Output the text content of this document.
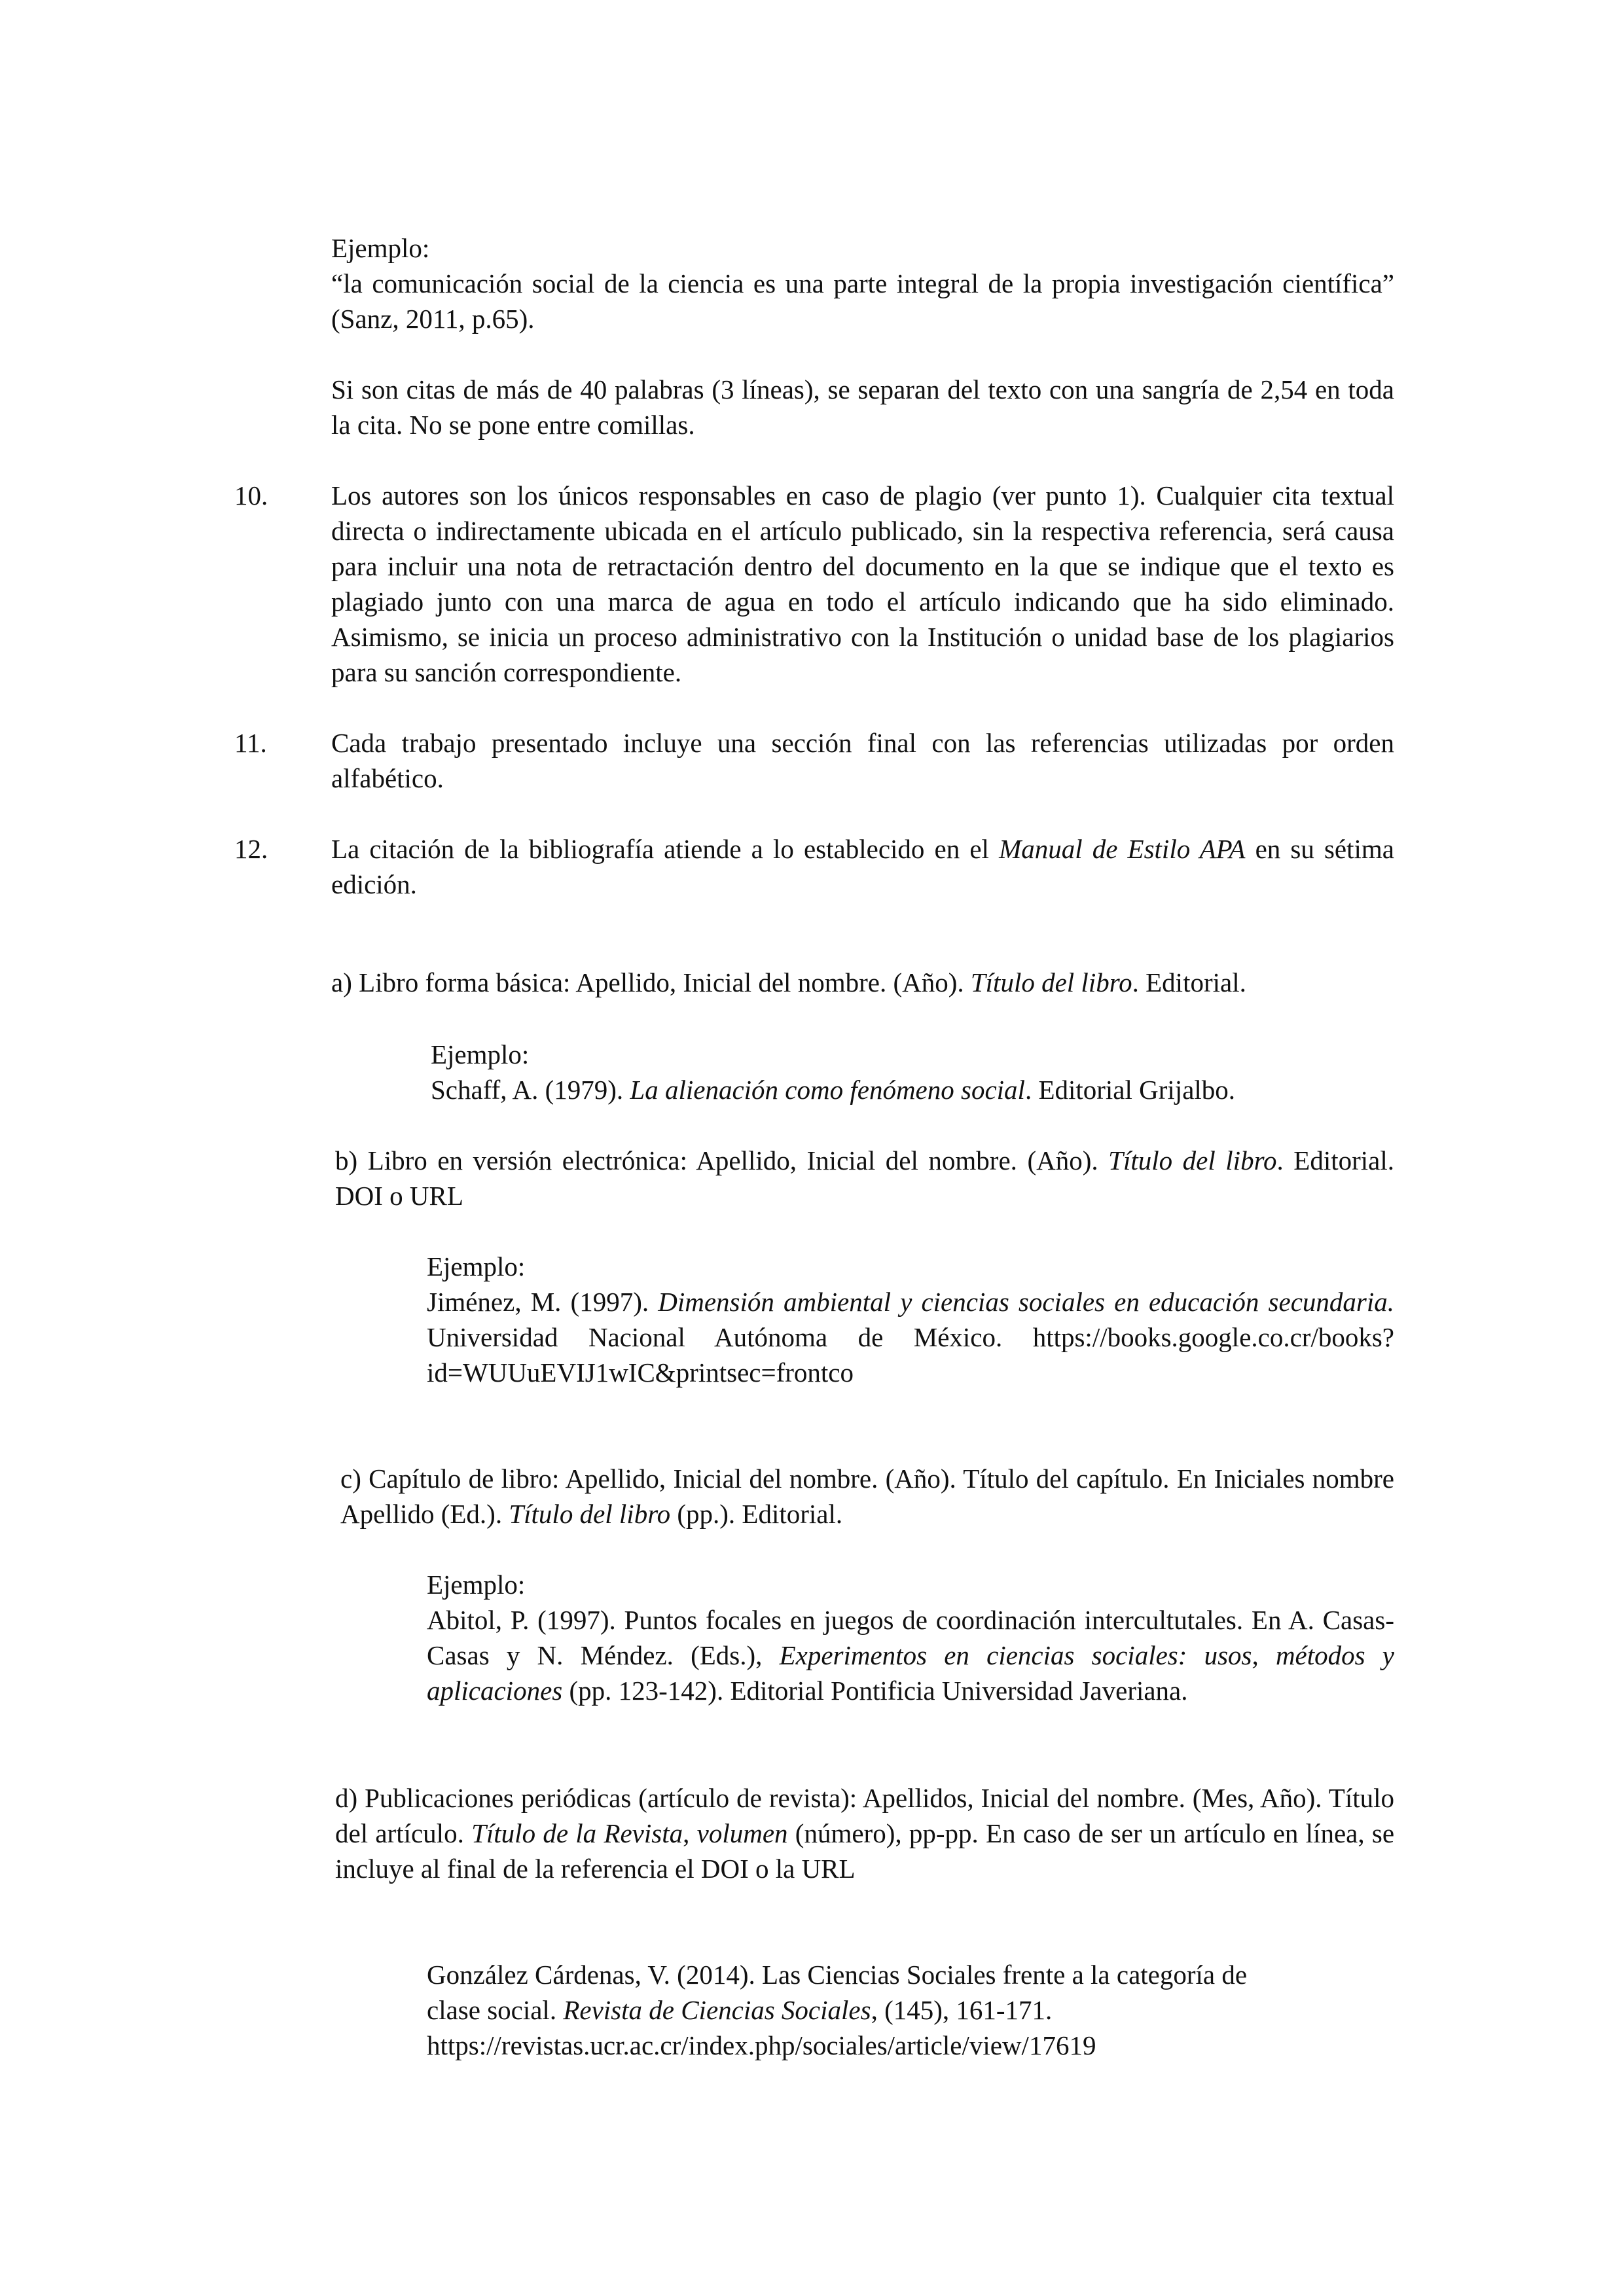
Ejemplo:

“la comunicación social de la ciencia es una parte integral de la propia investigación científica” (Sanz, 2011, p.65).

Si son citas de más de 40 palabras (3 líneas), se separan del texto con una sangría de 2,54 en toda la cita. No se pone entre comillas.
10.	Los autores son los únicos responsables en caso de plagio (ver punto 1). Cualquier cita textual directa o indirectamente ubicada en el artículo publicado, sin la respectiva referencia, será causa para incluir una nota de retractación dentro del documento en la que se indique que el texto es plagiado junto con una marca de agua en todo el artículo indicando que ha sido eliminado. Asimismo, se inicia un proceso administrativo con la Institución o unidad base de los plagiarios para su sanción correspondiente.
11.	Cada trabajo presentado incluye una sección final con las referencias utilizadas por orden alfabético.
12.	La citación de la bibliografía atiende a lo establecido en el Manual de Estilo APA en su sétima edición.
a) Libro forma básica: Apellido, Inicial del nombre. (Año). Título del libro. Editorial.

Ejemplo:

Schaff, A. (1979). La alienación como fenómeno social. Editorial Grijalbo.

b) Libro en versión electrónica: Apellido, Inicial del nombre. (Año). Título del libro. Editorial. DOI o URL

Ejemplo:

Jiménez, M. (1997). Dimensión ambiental y ciencias sociales en educación secundaria. Universidad Nacional Autónoma de México. https://books.google.co.cr/books?id=WUUuEVIJ1wIC&printsec=frontco

c) Capítulo de libro: Apellido, Inicial del nombre. (Año). Título del capítulo. En Iniciales nombre Apellido (Ed.). Título del libro (pp.). Editorial.

Ejemplo:

Abitol, P. (1997). Puntos focales en juegos de coordinación intercultutales. En A. Casas-Casas y N. Méndez. (Eds.), Experimentos en ciencias sociales: usos, métodos y aplicaciones (pp. 123-142). Editorial Pontificia Universidad Javeriana.

d) Publicaciones periódicas (artículo de revista): Apellidos, Inicial del nombre. (Mes, Año). Título del artículo. Título de la Revista, volumen (número), pp-pp. En caso de ser un artículo en línea, se incluye al final de la referencia el DOI o la URL

González Cárdenas, V. (2014). Las Ciencias Sociales frente a la categoría de

clase social. Revista de Ciencias Sociales, (145), 161-171.

https://revistas.ucr.ac.cr/index.php/sociales/article/view/17619
